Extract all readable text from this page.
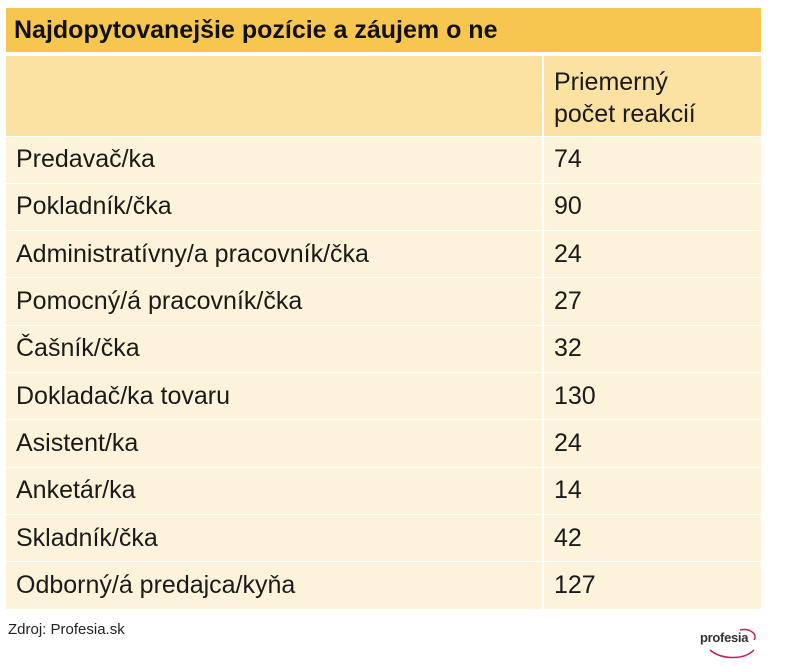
Najdopytovanejšie pozície a záujem o ne

	Priemerný
počet reakcií

Predavač/ka	74
Pokladník/čka	90
Administratívny/a pracovník/čka	24
Pomocný/á pracovník/čka	27
Čašník/čka	32
Dokladač/ka tovaru	130
Asistent/ka	24
Anketár/ka	14
Skladník/čka	42
Odborný/á predajca/kyňa	127
Zdroj: Profesia.sk	profesia
